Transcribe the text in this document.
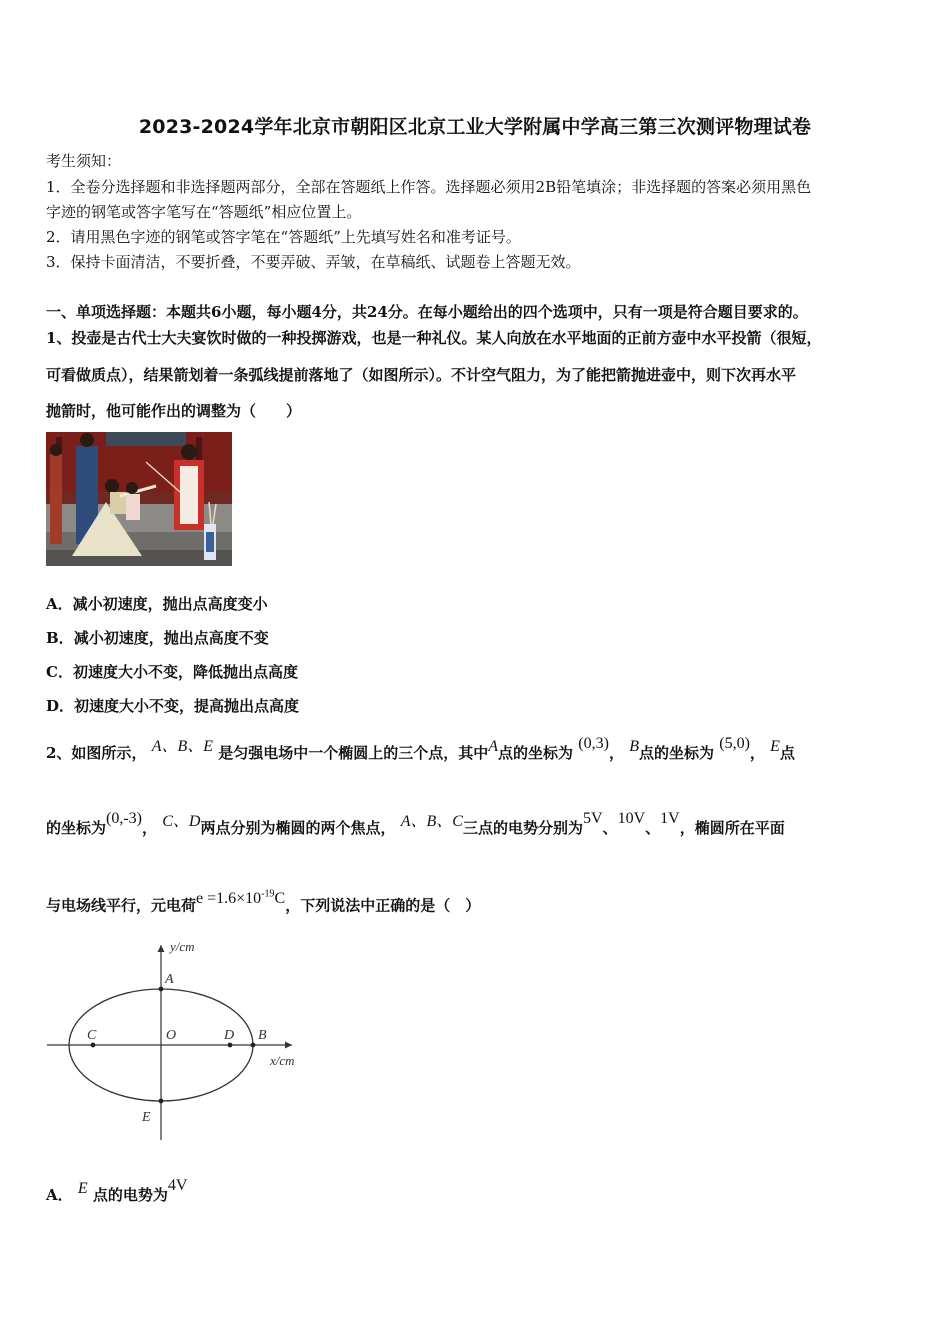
2023-2024学年北京市朝阳区北京工业大学附属中学高三第三次测评物理试卷
考生须知：
1．全卷分选择题和非选择题两部分，全部在答题纸上作答。选择题必须用2B铅笔填涂；非选择题的答案必须用黑色
字迹的钢笔或答字笔写在“答题纸”相应位置上。
2．请用黑色字迹的钢笔或答字笔在“答题纸”上先填写姓名和准考证号。
3．保持卡面清洁，不要折叠，不要弄破、弄皱，在草稿纸、试题卷上答题无效。
一、单项选择题：本题共6小题，每小题4分，共24分。在每小题给出的四个选项中，只有一项是符合题目要求的。
1、投壶是古代士大夫宴饮时做的一种投掷游戏，也是一种礼仪。某人向放在水平地面的正前方壶中水平投箭（很短，
可看做质点），结果箭划着一条弧线提前落地了（如图所示）。不计空气阻力，为了能把箭抛进壶中，则下次再水平
抛箭时，他可能作出的调整为（　　）
A．减小初速度，抛出点高度变小
B．减小初速度，抛出点高度不变
C．初速度大小不变，降低抛出点高度
D．初速度大小不变，提高抛出点高度
2、如图所示， A、B、E 是匀强电场中一个椭圆上的三个点，其中A点的坐标为 (0,3)， B点的坐标为 (5,0)， E点
的坐标为(0,-3)， C、D两点分别为椭圆的两个焦点， A、B、C三点的电势分别为5V、10V、1V，椭圆所在平面
与电场线平行，元电荷$e =1.6\times 10^{-19}C$，下列说法中正确的是（　）
y/cm
x/cm
A
B
C	D
O
E
A． E 点的电势为4V
